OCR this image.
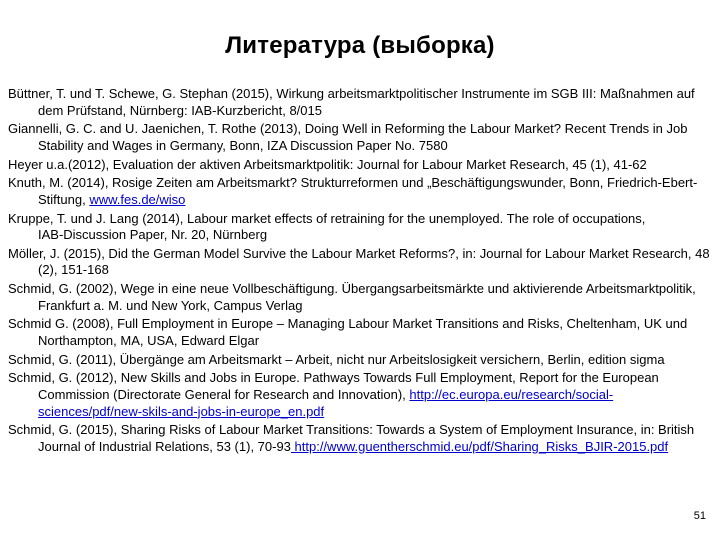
Литература (выборка)
Büttner, T. und T. Schewe, G. Stephan (2015), Wirkung arbeitsmarktpolitischer Instrumente im SGB III: Maßnahmen auf dem Prüfstand, Nürnberg: IAB‑Kurzbericht, 8/015
Giannelli, G. C. and U. Jaenichen, T. Rothe (2013), Doing Well in Reforming the Labour Market? Recent Trends in Job Stability and Wages in Germany, Bonn, IZA Discussion Paper No. 7580
Heyer u.a.(2012), Evaluation der aktiven Arbeitsmarktpolitik: Journal for Labour Market Research, 45 (1), 41‑62
Knuth, M. (2014), Rosige Zeiten am Arbeitsmarkt? Strukturreformen und „Beschäftigungswunder, Bonn, Friedrich-Ebert-Stiftung, www.fes.de/wiso
Kruppe, T. und J. Lang (2014), Labour market effects of retraining for the unemployed. The role of occupations, IAB‑Discussion Paper, Nr. 20, Nürnberg
Möller, J. (2015), Did the German Model Survive the Labour Market Reforms?, in: Journal for Labour Market Research, 48 (2), 151‑168
Schmid, G. (2002), Wege in eine neue Vollbeschäftigung. Übergangsarbeitsmärkte und aktivierende Arbeitsmarktpolitik, Frankfurt a. M. und New York, Campus Verlag
Schmid G. (2008), Full Employment in Europe – Managing Labour Market Transitions and Risks, Cheltenham, UK und Northampton, MA, USA, Edward Elgar
Schmid, G. (2011), Übergänge am Arbeitsmarkt – Arbeit, nicht nur Arbeitslosigkeit versichern, Berlin, edition sigma
Schmid, G. (2012), New Skills and Jobs in Europe. Pathways Towards Full Employment, Report for the European Commission (Directorate General for Research and Innovation), http://ec.europa.eu/research/social-sciences/pdf/new-skils-and-jobs-in-europe_en.pdf
Schmid, G. (2015), Sharing Risks of Labour Market Transitions: Towards a System of Employment Insurance, in: British Journal of Industrial Relations, 53 (1), 70-93 http://www.guentherschmid.eu/pdf/Sharing_Risks_BJIR-2015.pdf
51
